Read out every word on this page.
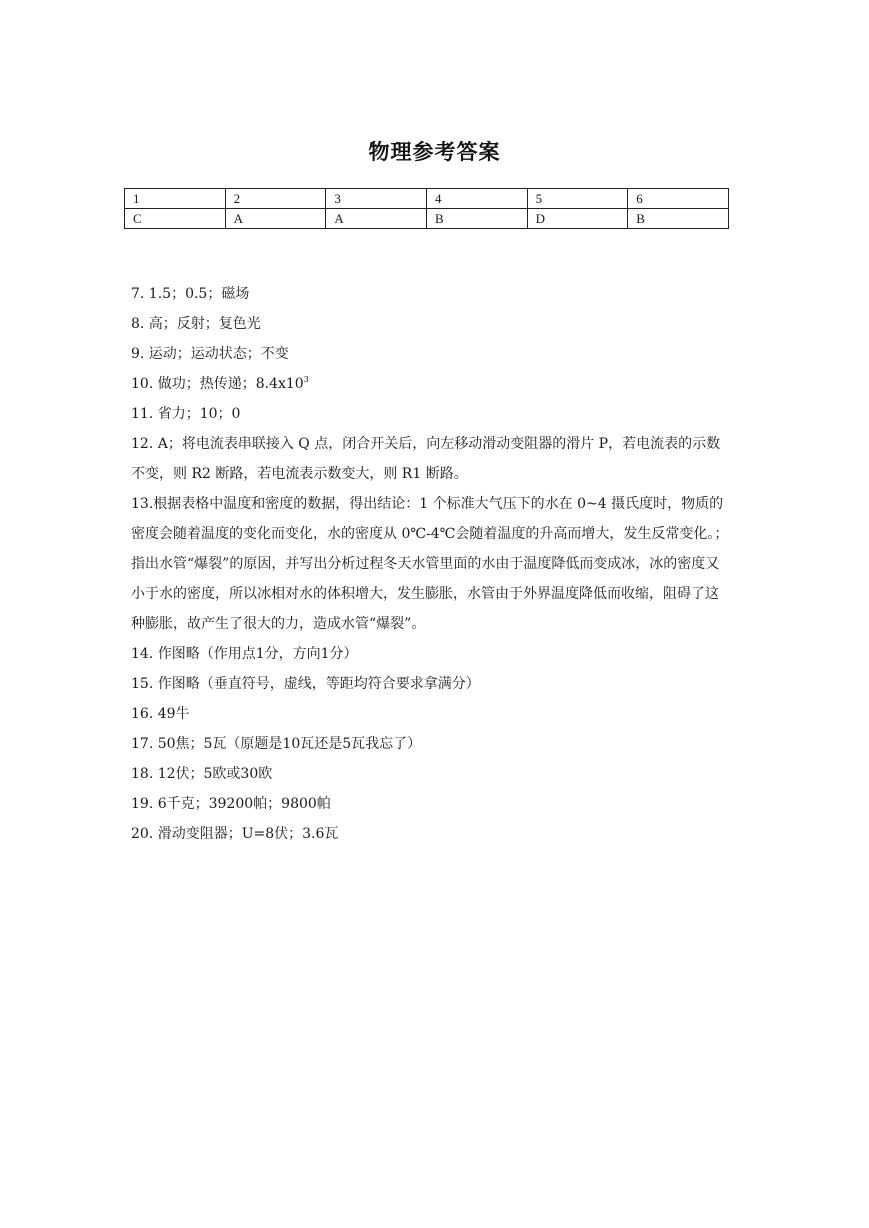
物理参考答案
1	2	3	4	5	6
C	A	A	B	D	B

7. 1.5；0.5；磁场

8. 高；反射；复色光

9. 运动；运动状态；不变

10. 做功；热传递；$8.4x10^3$

11. 省力；10；0

12. A；将电流表串联接入 Q 点，闭合开关后，向左移动滑动变阻器的滑片 P，若电流表的示数不变，则 R2 断路，若电流表示数变大，则 R1 断路。

13.根据表格中温度和密度的数据，得出结论：1 个标准大气压下的水在 0~4 摄氏度时，物质的密度会随着温度的变化而变化，水的密度从 0℃-4℃会随着温度的升高而增大，发生反常变化。；指出水管“爆裂”的原因，并写出分析过程冬天水管里面的水由于温度降低而变成冰，冰的密度又小于水的密度，所以冰相对水的体积增大，发生膨胀，水管由于外界温度降低而收缩，阻碍了这种膨胀，故产生了很大的力，造成水管“爆裂”。

14. 作图略（作用点1分，方向1分）

15. 作图略（垂直符号，虚线，等距均符合要求拿满分）

16. 49牛

17. 50焦；5瓦（原题是10瓦还是5瓦我忘了）

18. 12伏；5欧或30欧

19. 6千克；39200帕；9800帕

20. 滑动变阻器；U=8伏；3.6瓦
